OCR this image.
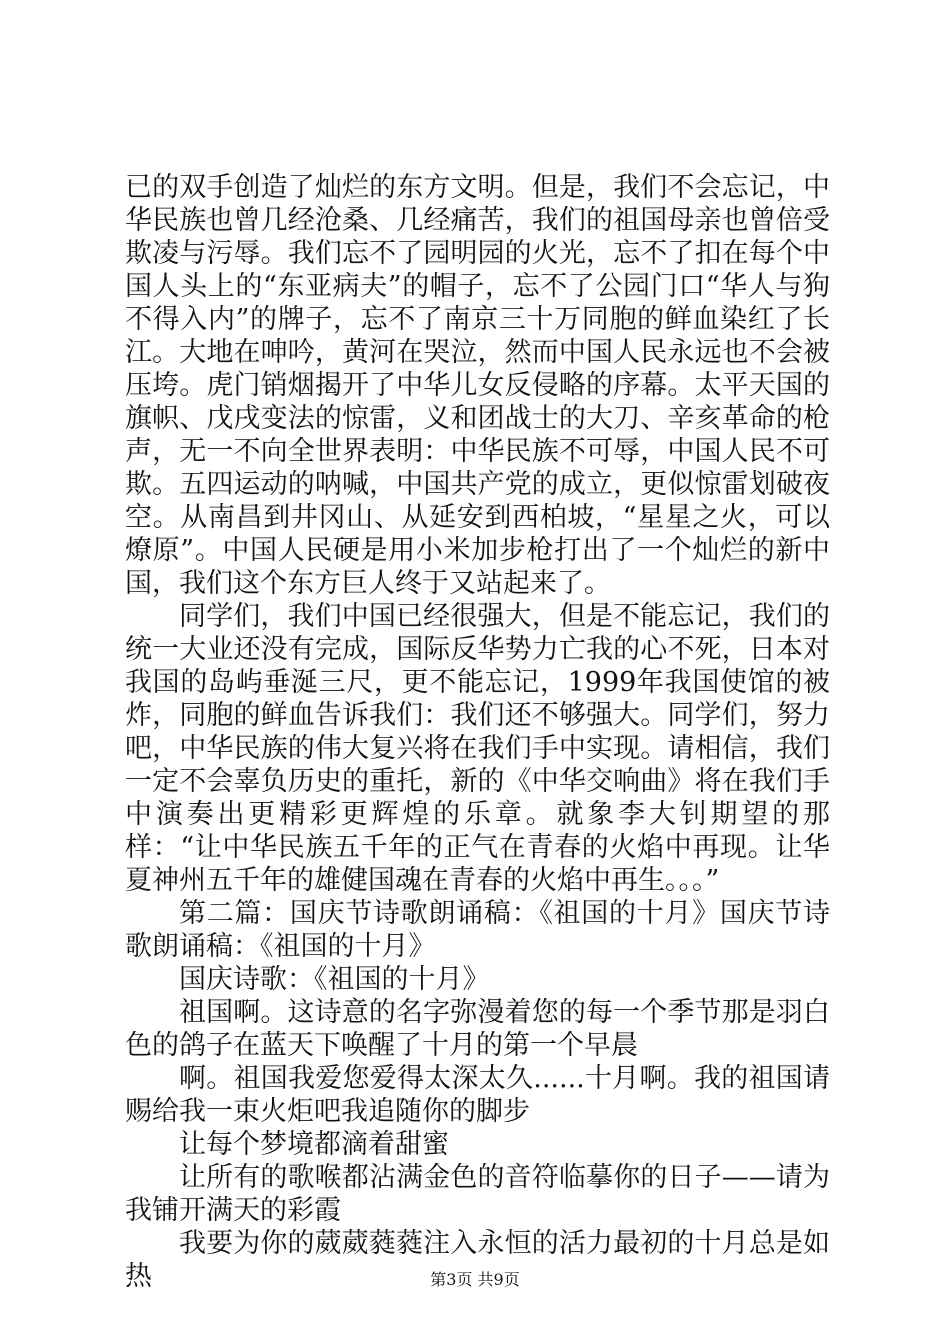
已的双手创造了灿烂的东方文明。但是，我们不会忘记，中华民族也曾几经沧桑、几经痛苦，我们的祖国母亲也曾倍受欺凌与污辱。我们忘不了园明园的火光，忘不了扣在每个中国人头上的“东亚病夫”的帽子，忘不了公园门口“华人与狗不得入内”的牌子，忘不了南京三十万同胞的鲜血染红了长江。大地在呻吟，黄河在哭泣，然而中国人民永远也不会被压垮。虎门销烟揭开了中华儿女反侵略的序幕。太平天国的旗帜、戊戌变法的惊雷，义和团战士的大刀、辛亥革命的枪声，无一不向全世界表明：中华民族不可辱，中国人民不可欺。五四运动的呐喊，中国共产党的成立，更似惊雷划破夜空。从南昌到井冈山、从延安到西柏坡，“星星之火，可以燎原”。中国人民硬是用小米加步枪打出了一个灿烂的新中国，我们这个东方巨人终于又站起来了。

同学们，我们中国已经很强大，但是不能忘记，我们的统一大业还没有完成，国际反华势力亡我的心不死，日本对我国的岛屿垂涎三尺，更不能忘记，1999年我国使馆的被炸，同胞的鲜血告诉我们：我们还不够强大。同学们，努力吧，中华民族的伟大复兴将在我们手中实现。请相信，我们一定不会辜负历史的重托，新的《中华交响曲》将在我们手中演奏出更精彩更辉煌的乐章。就象李大钊期望的那样：“让中华民族五千年的正气在青春的火焰中再现。让华夏神州五千年的雄健国魂在青春的火焰中再生。。。”

第二篇：国庆节诗歌朗诵稿：《祖国的十月》国庆节诗歌朗诵稿：《祖国的十月》

国庆诗歌：《祖国的十月》

祖国啊。这诗意的名字弥漫着您的每一个季节那是羽白色的鸽子在蓝天下唤醒了十月的第一个早晨

啊。祖国我爱您爱得太深太久......十月啊。我的祖国请赐给我一束火炬吧我追随你的脚步

让每个梦境都滴着甜蜜

让所有的歌喉都沾满金色的音符临摹你的日子——请为我铺开满天的彩霞

我要为你的葳葳蕤蕤注入永恒的活力最初的十月总是如热	第3页 共9页
